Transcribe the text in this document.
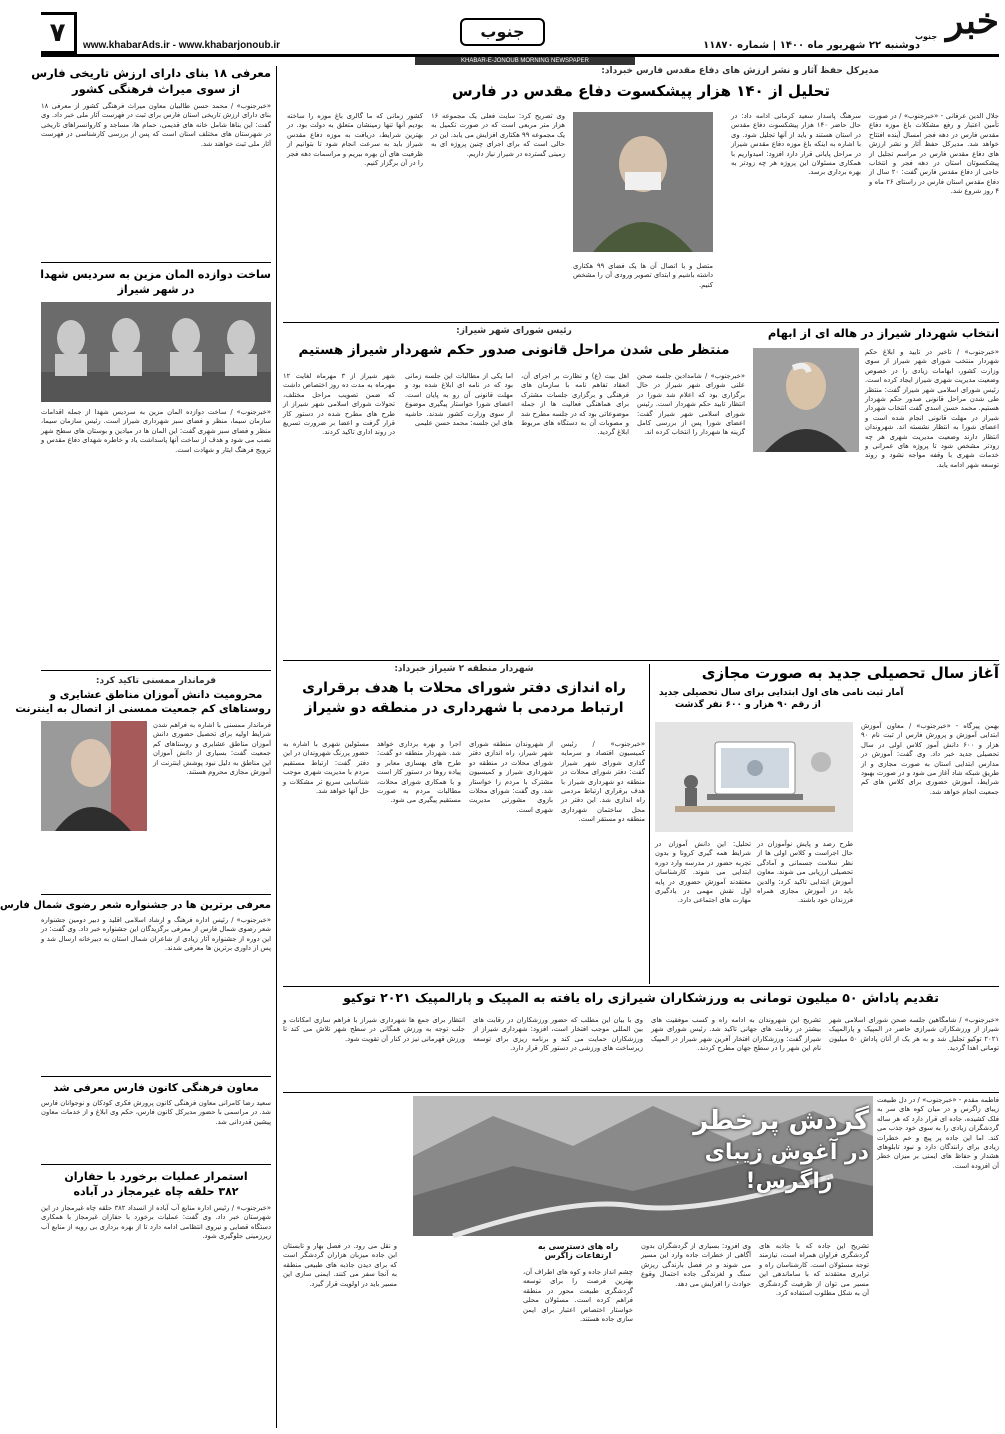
۷	www.khabarAds.ir - www.khabarjonoub.ir
جنوب
دوشنبه ۲۲ شهریور ماه ۱۴۰۰ | شماره ۱۱۸۷۰
خبر
جنوب
KHABAR-E-JONOUB MORNING NEWSPAPER
معرفی ۱۸ بنای دارای ارزش تاریخی فارس
از سوی میراث فرهنگی کشور
«خبرجنوب» / محمد حسن طالبیان معاون میراث فرهنگی کشور از معرفی ۱۸ بنای دارای ارزش تاریخی استان فارس برای ثبت در فهرست آثار ملی خبر داد. وی گفت: این بناها شامل خانه های قدیمی، حمام ها، مساجد و کاروانسراهای تاریخی در شهرستان های مختلف استان است که پس از بررسی کارشناسی در فهرست آثار ملی ثبت خواهند شد.
ساخت دوازده المان مزین به سردیس شهدا
در شهر شیراز
«خبرجنوب» / ساخت دوازده المان مزین به سردیس شهدا از جمله اقدامات سازمان سیما، منظر و فضای سبز شهرداری شیراز است. رئیس سازمان سیما، منظر و فضای سبز شهری گفت: این المان ها در میادین و بوستان های سطح شهر نصب می شود و هدف از ساخت آنها پاسداشت یاد و خاطره شهدای دفاع مقدس و ترویج فرهنگ ایثار و شهادت است.
فرماندار ممسنی تاکید کرد:
محرومیت دانش آموزان مناطق عشایری و
روستاهای کم جمعیت ممسنی از اتصال به اینترنت
فرماندار ممسنی با اشاره به فراهم شدن شرایط اولیه برای تحصیل حضوری دانش آموزان مناطق عشایری و روستاهای کم جمعیت گفت: بسیاری از دانش آموزان این مناطق به دلیل نبود پوشش اینترنت از آموزش مجازی محروم هستند.
معرفی برترین ها در جشنواره شعر رضوی شمال فارس
«خبرجنوب» / رئیس اداره فرهنگ و ارشاد اسلامی اقلید و دبیر دومین جشنواره شعر رضوی شمال فارس از معرفی برگزیدگان این جشنواره خبر داد. وی گفت: در این دوره از جشنواره آثار زیادی از شاعران شمال استان به دبیرخانه ارسال شد و پس از داوری برترین ها معرفی شدند.
معاون فرهنگی کانون فارس معرفی شد
سعید رضا کامرانی معاون فرهنگی کانون پرورش فکری کودکان و نوجوانان فارس شد. در مراسمی با حضور مدیرکل کانون فارس، حکم وی ابلاغ و از خدمات معاون پیشین قدردانی شد.
استمرار عملیات برخورد با حفاران
۳۸۲ حلقه چاه غیرمجاز در آباده
«خبرجنوب» / رئیس اداره منابع آب آباده از انسداد ۳۸۲ حلقه چاه غیرمجاز در این شهرستان خبر داد. وی گفت: عملیات برخورد با حفاران غیرمجاز با همکاری دستگاه قضایی و نیروی انتظامی ادامه دارد تا از بهره برداری بی رویه از منابع آب زیرزمینی جلوگیری شود.
مدیرکل حفظ آثار و نشر ارزش های دفاع مقدس فارس خبرداد:
تحلیل از ۱۴۰ هزار پیشکسوت دفاع مقدس در فارس
جلال الدین عرفانی - «خبرجنوب» / در صورت تأمین اعتبار و رفع مشکلات باغ موزه دفاع مقدس فارس در دهه فجر امسال آینده افتتاح خواهد شد. مدیرکل حفظ آثار و نشر ارزش های دفاع مقدس فارس در مراسم تجلیل از پیشکسوتان استان در دهه فجر و انتخاب حاجی از دفاع مقدس فارس گفت: ۲۰ سال از دفاع مقدس استان فارس در راستای ۲۶ ماه و ۴ روز شروع شد.
سرهنگ پاسدار سعید کرمانی ادامه داد: در حال حاضر ۱۴۰ هزار پیشکسوت دفاع مقدس در استان هستند و باید از آنها تجلیل شود. وی با اشاره به اینکه باغ موزه دفاع مقدس شیراز در مراحل پایانی قرار دارد افزود: امیدواریم با همکاری مسئولان این پروژه هر چه زودتر به بهره برداری برسد.
متصل و با اتصال آن ها یک فضای ۹۹ هکتاری داشته باشیم و ابتدای تصویر ورودی آن را مشخص کنیم.
وی تصریح کرد: سایت فعلی یک مجموعه ۱۶ هزار متر مربعی است که در صورت تکمیل به یک مجموعه ۹۹ هکتاری افزایش می یابد. این در حالی است که برای اجرای چنین پروژه ای به زمینی گسترده در شیراز نیاز داریم.
کشور زمانی که ما گالری باغ موزه را ساخته بودیم آنها تنها زمینشان متعلق به دولت بود. در بهترین شرایط، دریافت به موزه دفاع مقدس شیراز باید به سرعت انجام شود تا بتوانیم از ظرفیت های آن بهره ببریم و مراسمات دهه فجر را در آن برگزار کنیم.
انتخاب شهردار شیراز در هاله ای از ابهام
«خبرجنوب» / تاخیر در تایید و ابلاغ حکم شهردار منتخب شورای شهر شیراز از سوی وزارت کشور، ابهامات زیادی را در خصوص وضعیت مدیریت شهری شیراز ایجاد کرده است. رئیس شورای اسلامی شهر شیراز گفت: منتظر طی شدن مراحل قانونی صدور حکم شهردار هستیم. محمد حسن اسدی گفت انتخاب شهردار شیراز در مهلت قانونی انجام شده است و اعضای شورا به انتظار نشسته اند. شهروندان انتظار دارند وضعیت مدیریت شهری هر چه زودتر مشخص شود تا پروژه های عمرانی و خدمات شهری با وقفه مواجه نشود و روند توسعه شهر ادامه یابد.
رئیس شورای شهر شیراز:
منتظر طی شدن مراحل قانونی صدور حکم شهردار شیراز هستیم
«خبرجنوب» / شامدادین جلسه صحن علنی شورای شهر شیراز در حال برگزاری بود که اعلام شد شورا در انتظار تایید حکم شهردار است. رئیس شورای اسلامی شهر شیراز گفت: اعضای شورا پس از بررسی کامل گزینه ها شهردار را انتخاب کرده اند.
اهل بیت (ع) و نظارت بر اجرای آن، انعقاد تفاهم نامه با سازمان های فرهنگی و برگزاری جلسات مشترک برای هماهنگی فعالیت ها از جمله موضوعاتی بود که در جلسه مطرح شد و مصوبات آن به دستگاه های مربوط ابلاغ گردید.
اما یکی از مطالبات این جلسه زمانی بود که در نامه ای ابلاغ شده بود و مهلت قانونی آن رو به پایان است. اعضای شورا خواستار پیگیری موضوع از سوی وزارت کشور شدند. حاشیه های این جلسه: محمد حسن علیمی
شهر شیراز از ۳ مهرماه لغایت ۱۲ مهرماه به مدت ده روز اختصاص داشت که ضمن تصویب مراحل مختلف، تحولات شورای اسلامی شهر شیراز از طرح های مطرح شده در دستور کار قرار گرفت و اعضا بر ضرورت تسریع در روند اداری تاکید کردند.
شهردار منطقه ۲ شیراز خبرداد:
راه اندازی دفتر شورای محلات با هدف برقراری
ارتباط مردمی با شهرداری در منطقه دو شیراز
«خبرجنوب» / رئیس کمیسیون اقتصاد و سرمایه گذاری شورای شهر شیراز گفت: دفتر شورای محلات در منطقه دو شهرداری شیراز با هدف برقراری ارتباط مردمی راه اندازی شد. این دفتر در محل ساختمان شهرداری منطقه دو مستقر است.
از شهروندان منطقه شورای شهر شیراز، راه اندازی دفتر شورای محلات در منطقه دو شهرداری شیراز و کمیسیون مشترک با مردم را خواستار شد. وی گفت: شورای محلات بازوی مشورتی مدیریت شهری است.
اجرا و بهره برداری خواهد شد. شهردار منطقه دو گفت: طرح های بهسازی معابر و پیاده روها در دستور کار است و با همکاری شورای محلات، مطالبات مردم به صورت مستقیم پیگیری می شود.
مسئولین شهری با اشاره به حضور پررنگ شهروندان در این دفتر گفت: ارتباط مستقیم مردم با مدیریت شهری موجب شناسایی سریع تر مشکلات و حل آنها خواهد شد.
آغاز سال تحصیلی جدید به صورت مجازی
آمار ثبت نامی های اول ابتدایی برای سال تحصیلی جدید
از رقم ۹۰ هزار و ۶۰۰ نفر گذشت
بهمن پیرگاه - «خبرجنوب» / معاون آموزش ابتدایی آموزش و پرورش فارس از ثبت نام ۹۰ هزار و ۶۰۰ دانش آموز کلاس اولی در سال تحصیلی جدید خبر داد. وی گفت: آموزش در مدارس ابتدایی استان به صورت مجازی و از طریق شبکه شاد آغاز می شود و در صورت بهبود شرایط، آموزش حضوری برای کلاس های کم جمعیت انجام خواهد شد.
طرح رصد و پایش نوآموزان در حال اجراست و کلاس اولی ها از نظر سلامت جسمانی و آمادگی تحصیلی ارزیابی می شوند. معاون آموزش ابتدایی تاکید کرد: والدین باید در آموزش مجازی همراه فرزندان خود باشند.
تحلیل: این دانش آموزان در شرایط همه گیری کرونا و بدون تجربه حضور در مدرسه وارد دوره ابتدایی می شوند. کارشناسان معتقدند آموزش حضوری در پایه اول نقش مهمی در یادگیری مهارت های اجتماعی دارد.
تقدیم پاداش ۵۰ میلیون تومانی به ورزشکاران شیرازی راه یافته به المپیک و پارالمپیک ۲۰۲۱ توکیو
«خبرجنوب» / شامگاهین جلسه صحن شورای اسلامی شهر شیراز از ورزشکاران شیرازی حاضر در المپیک و پارالمپیک ۲۰۲۱ توکیو تجلیل شد و به هر یک از آنان پاداش ۵۰ میلیون تومانی اهدا گردید.
تشریح این شهروندان به ادامه راه و کسب موفقیت های بیشتر در رقابت های جهانی تاکید شد. رئیس شورای شهر شیراز گفت: ورزشکاران افتخار آفرین شهر شیراز در المپیک نام این شهر را در سطح جهان مطرح کردند.
وی با بیان این مطلب که حضور ورزشکاران در رقابت های بین المللی موجب افتخار است، افزود: شهرداری شیراز از ورزشکاران حمایت می کند و برنامه ریزی برای توسعه زیرساخت های ورزشی در دستور کار قرار دارد.
انتظار برای جمع ها شهرداری شیراز با فراهم سازی امکانات و جلب توجه به ورزش همگانی در سطح شهر تلاش می کند تا ورزش قهرمانی نیز در کنار آن تقویت شود.
فاطمه مقدم - «خبرجنوب» / در دل طبیعت زیبای زاگرس و در میان کوه های سر به فلک کشیده، جاده ای قرار دارد که هر ساله گردشگران زیادی را به سوی خود جذب می کند. اما این جاده پر پیچ و خم خطرات زیادی برای رانندگان دارد و نبود تابلوهای هشدار و حفاظ های ایمنی بر میزان خطر آن افزوده است.
گردش پرخطر
در آغوش زیبای
زاگرس!
تشریح این جاده که با جاذبه های گردشگری فراوان همراه است، نیازمند توجه مسئولان است. کارشناسان راه و ترابری معتقدند که با ساماندهی این مسیر می توان از ظرفیت گردشگری آن به شکل مطلوب استفاده کرد.
وی افزود: بسیاری از گردشگران بدون آگاهی از خطرات جاده وارد این مسیر می شوند و در فصل بارندگی ریزش سنگ و لغزندگی جاده احتمال وقوع حوادث را افزایش می دهد.
راه های دسترسی به ارتفاعات زاگرس
چشم انداز جاده و کوه های اطراف آن، بهترین فرصت را برای توسعه گردشگری طبیعت محور در منطقه فراهم کرده است. مسئولان محلی خواستار اختصاص اعتبار برای ایمن سازی جاده هستند.
و نقل می رود. در فصل بهار و تابستان این جاده میزبان هزاران گردشگر است که برای دیدن جاذبه های طبیعی منطقه به آنجا سفر می کنند. ایمنی سازی این مسیر باید در اولویت قرار گیرد.
